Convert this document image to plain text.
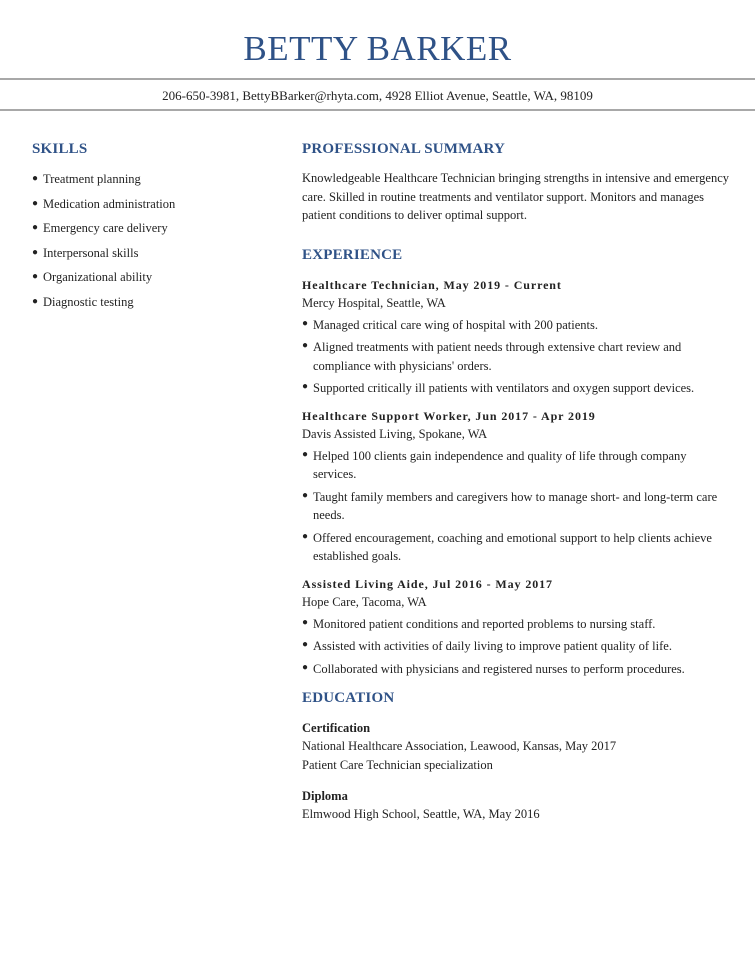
BETTY BARKER
206-650-3981, BettyBBarker@rhyta.com, 4928 Elliot Avenue, Seattle, WA, 98109
SKILLS
● Treatment planning
● Medication administration
● Emergency care delivery
● Interpersonal skills
● Organizational ability
● Diagnostic testing
PROFESSIONAL SUMMARY

Knowledgeable Healthcare Technician bringing strengths in intensive and emergency care. Skilled in routine treatments and ventilator support. Monitors and manages patient conditions to deliver optimal support.

EXPERIENCE
Healthcare Technician, May 2019 - Current
Mercy Hospital, Seattle, WA
● Managed critical care wing of hospital with 200 patients.
● Aligned treatments with patient needs through extensive chart review and compliance with physicians' orders.
● Supported critically ill patients with ventilators and oxygen support devices.
Healthcare Support Worker, Jun 2017 - Apr 2019
Davis Assisted Living, Spokane, WA
● Helped 100 clients gain independence and quality of life through company services.
● Taught family members and caregivers how to manage short- and long-term care needs.
● Offered encouragement, coaching and emotional support to help clients achieve established goals.
Assisted Living Aide, Jul 2016 - May 2017
Hope Care, Tacoma, WA
● Monitored patient conditions and reported problems to nursing staff.
● Assisted with activities of daily living to improve patient quality of life.
● Collaborated with physicians and registered nurses to perform procedures.
EDUCATION
Certification
National Healthcare Association, Leawood, Kansas, May 2017
Patient Care Technician specialization
Diploma
Elmwood High School, Seattle, WA, May 2016
